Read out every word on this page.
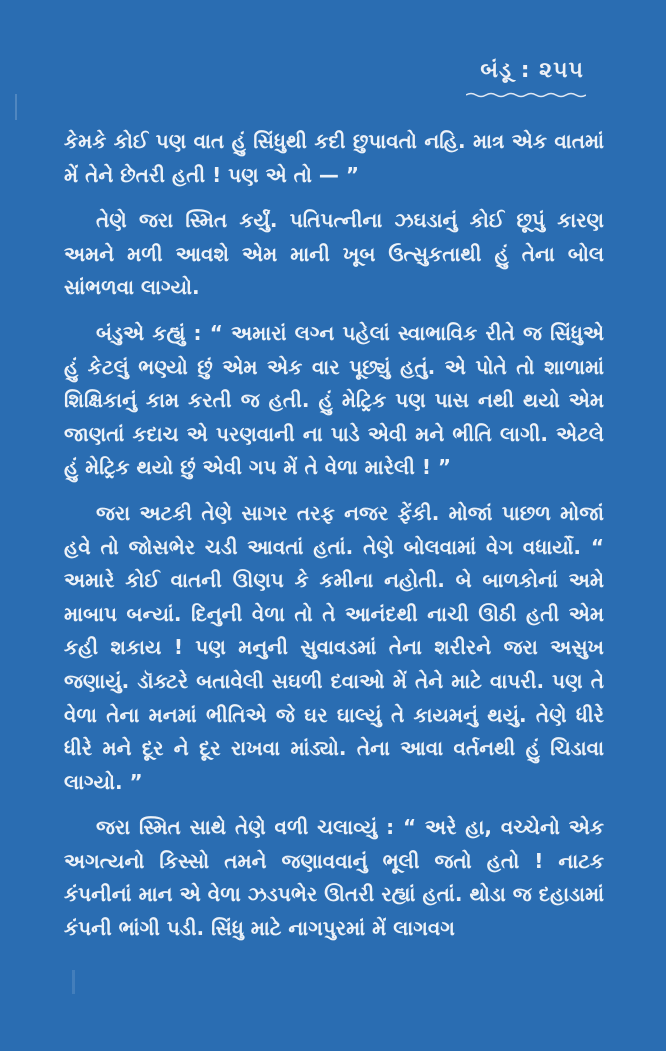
બંડૂ : ૨૫૫

કેમકે કોઈ પણ વાત હું સિંધુથી કદી છુપાવતો નહિ. માત્ર એક વાતમાં મેં તેને છેતરી હતી ! પણ એ તો — ”

તેણે જરા સ્મિત કર્યું. પતિપત્નીના ઝઘડાનું કોઈ છૂપું કારણ અમને મળી આવશે એમ માની ખૂબ ઉત્સુકતાથી હું તેના બોલ સાંભળવા લાગ્યો.

બંડુએ કહ્યું : “ અમારાં લગ્ન પહેલાં સ્વાભાવિક રીતે જ સિંધુએ હું કેટલું ભણ્યો છું એમ એક વાર પૂછ્યું હતું. એ પોતે તો શાળામાં શિક્ષિકાનું કામ કરતી જ હતી. હું મેટ્રિક પણ પાસ નથી થયો એમ જાણતાં કદાચ એ પરણવાની ના પાડે એવી મને ભીતિ લાગી. એટલે હું મેટ્રિક થયો છું એવી ગપ મેં તે વેળા મારેલી ! ”

જરા અટકી તેણે સાગર તરફ નજર ફેંકી. મોજાં પાછળ મોજાં હવે તો જોસભેર ચડી આવતાં હતાં. તેણે બોલવામાં વેગ વધાર્યો. “ અમારે કોઈ વાતની ઊણપ કે કમીના નહોતી. બે બાળકોનાં અમે માબાપ બન્યાં. દિનુની વેળા તો તે આનંદથી નાચી ઊઠી હતી એમ કહી શકાય ! પણ મનુની સુવાવડમાં તેના શરીરને જરા અસુખ જણાયું. ડૉક્ટરે બતાવેલી સઘળી દવાઓ મેં તેને માટે વાપરી. પણ તે વેળા તેના મનમાં ભીતિએ જે ઘર ઘાલ્યું તે કાયમનું થયું. તેણે ધીરે ધીરે મને દૂર ને દૂર રાખવા માંડ્યો. તેના આવા વર્તનથી હું ચિડાવા લાગ્યો. ”

જરા સ્મિત સાથે તેણે વળી ચલાવ્યું : “ અરે હા, વચ્ચેનો એક અગત્યનો કિસ્સો તમને જણાવવાનું ભૂલી જતો હતો ! નાટક કંપનીનાં માન એ વેળા ઝડપભેર ઊતરી રહ્યાં હતાં. થોડા જ દહાડામાં કંપની ભાંગી પડી. સિંધુ માટે નાગપુરમાં મેં લાગવગ
